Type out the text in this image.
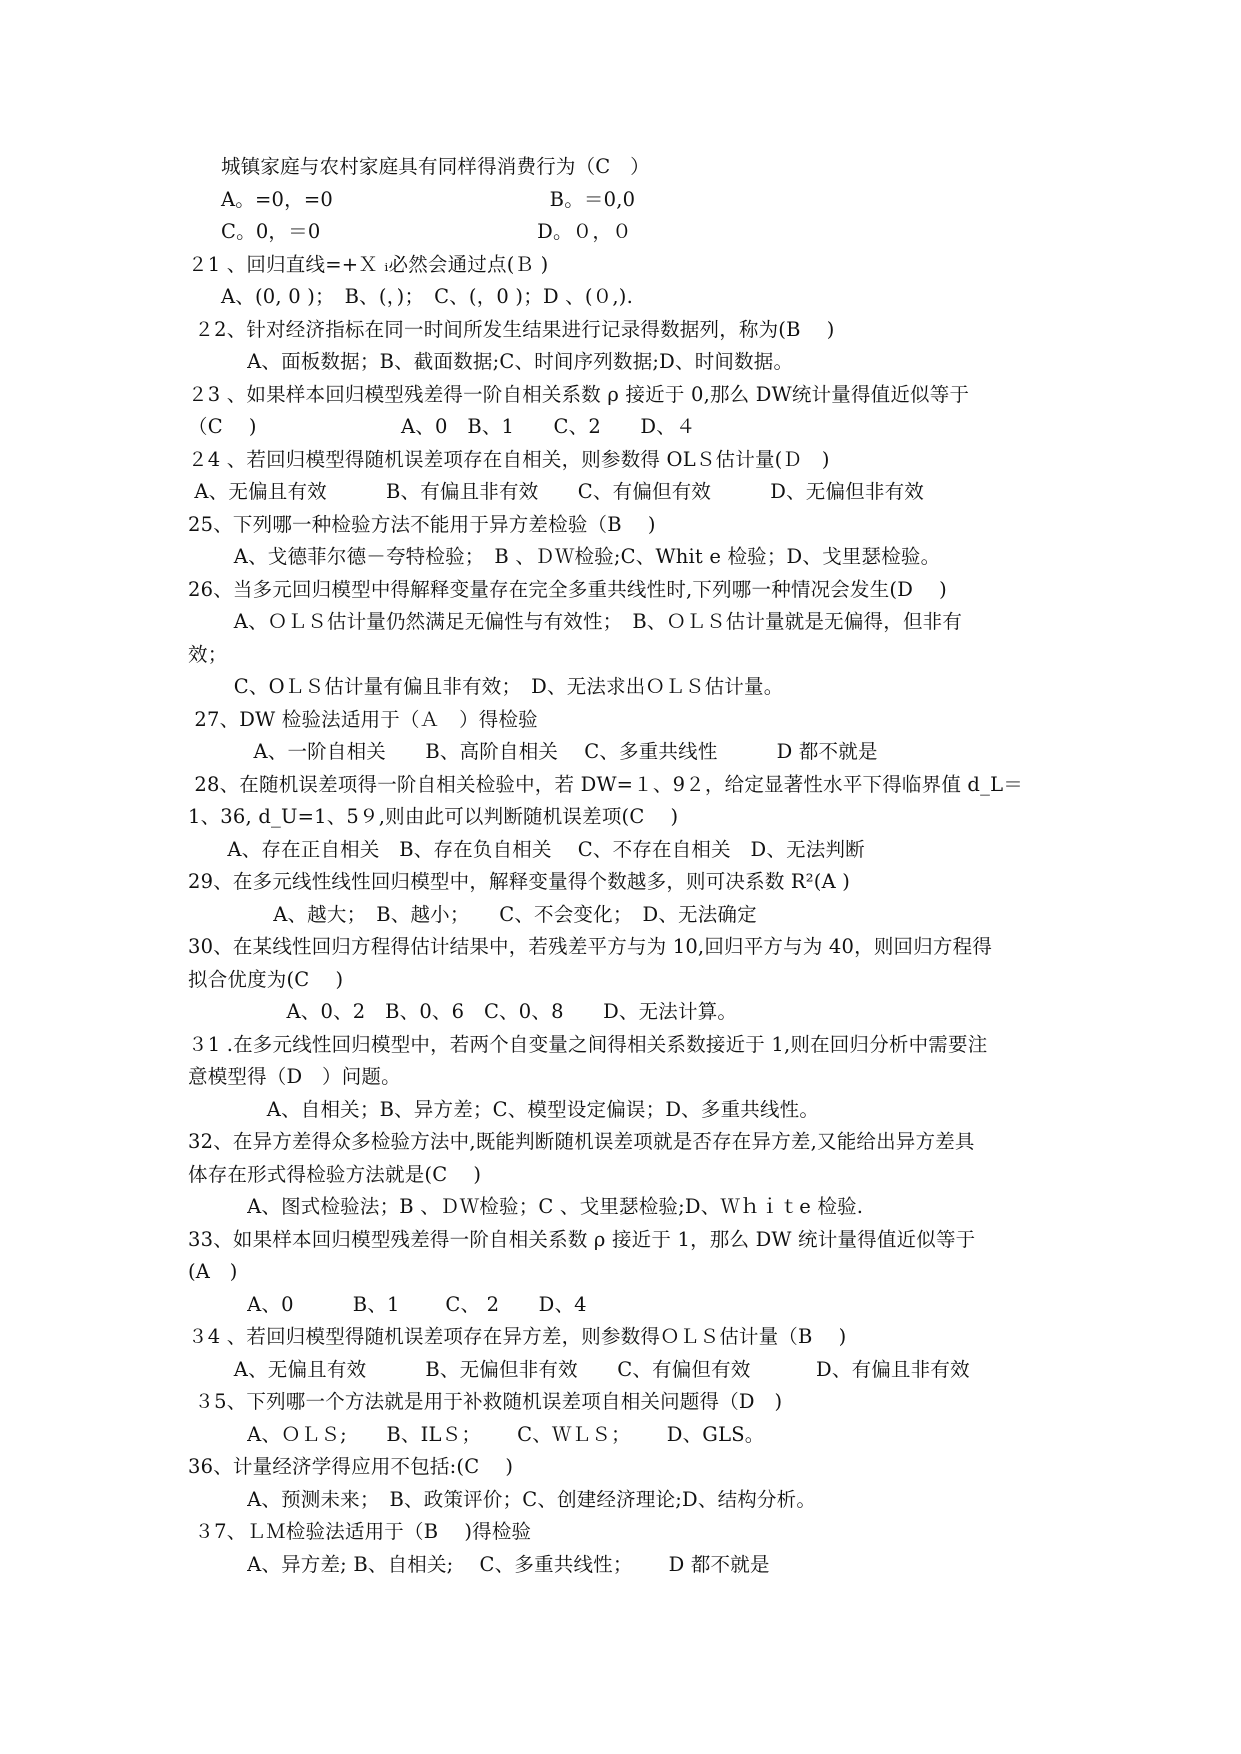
城镇家庭与农村家庭具有同样得消费行为（C　）
A。=0，=0　　　　　　　　　　　B。＝0,0
C。0，＝0　　　　　　　　　　　D。０，０
２1 、回归直线=+Ｘ ᵢ必然会通过点(Ｂ )
A、(0, 0 )；　B、(，)；　C、(，0 )；D 、(０,).
２2、针对经济指标在同一时间所发生结果进行记录得数据列，称为(B　 )
　　　A、面板数据；B、截面数据;C、时间序列数据;D、时间数据。
２3 、如果样本回归模型残差得一阶自相关系数 ρ 接近于 0,那么 DW统计量得值近似等于
（C　 )　　　　　　　 A、0　B、1　　C、2　　D、４
２4 、若回归模型得随机误差项存在自相关，则参数得 OLＳ估计量(Ｄ　)
A、无偏且有效　　　B、有偏且非有效　　C、有偏但有效　　　D、无偏但非有效
25、下列哪一种检验方法不能用于异方差检验（B　 )
　　 A、戈德菲尔德－夸特检验；　B 、ＤＷ检验;C、Whit e 检验；D、戈里瑟检验。
26、当多元回归模型中得解释变量存在完全多重共线性时,下列哪一种情况会发生(D　 )
　　 A、ＯＬＳ估计量仍然满足无偏性与有效性；　B、ＯＬＳ估计量就是无偏得，但非有
效；
　　 C、OＬＳ估计量有偏且非有效；　D、无法求出ＯＬＳ估计量。
27、DW 检验法适用于（Ａ　）得检验
　　　 A、一阶自相关　　B、高阶自相关　 C、多重共线性　　　D 都不就是
28、在随机误差项得一阶自相关检验中，若 DW=１、9２，给定显著性水平下得临界值 d_L＝
1、36, d_U=1、5９,则由此可以判断随机误差项(C　 )
　　A、存在正自相关　B、存在负自相关　 C、不存在自相关　D、无法判断
29、在多元线性线性回归模型中，解释变量得个数越多，则可决系数 R²(A )
　　　　 A、越大；　B、越小；　　C、不会变化；　D、无法确定
30、在某线性回归方程得估计结果中，若残差平方与为 10,回归平方与为 40，则回归方程得
拟合优度为(C　 )
　　　　　A、0、2　B、0、6　C、0、8　　D、无法计算。
３1 .在多元线性回归模型中，若两个自变量之间得相关系数接近于 1,则在回归分析中需要注
意模型得（D　）问题。
　　　　A、自相关；B、异方差；C、模型设定偏误；D、多重共线性。
32、在异方差得众多检验方法中,既能判断随机误差项就是否存在异方差,又能给出异方差具
体存在形式得检验方法就是(C　 )
　　　A、图式检验法；B 、ＤＷ检验；C 、戈里瑟检验;D、Ｗｈｉｔe 检验.
33、如果样本回归模型残差得一阶自相关系数 ρ 接近于 1，那么 DW 统计量得值近似等于
(A　)
　　　A、0　　　B、1　　 C、 2　　D、4
３4 、若回归模型得随机误差项存在异方差，则参数得ＯＬＳ估计量（B　 )
　　 A、无偏且有效　　　B、无偏但非有效　　C、有偏但有效　　　 D、有偏且非有效
３5、下列哪一个方法就是用于补救随机误差项自相关问题得（D　)
　　　A、ＯＬＳ;　　B、ILＳ；　　 C、ＷＬＳ；　　 D、GLS。
36、计量经济学得应用不包括:(C　 )
　　　A、预测未来；　B、政策评价；C、创建经济理论;D、结构分析。
３7、ＬＭ检验法适用于（B　 )得检验
　　　A、异方差; B、自相关;　 C、多重共线性；　　 D 都不就是
